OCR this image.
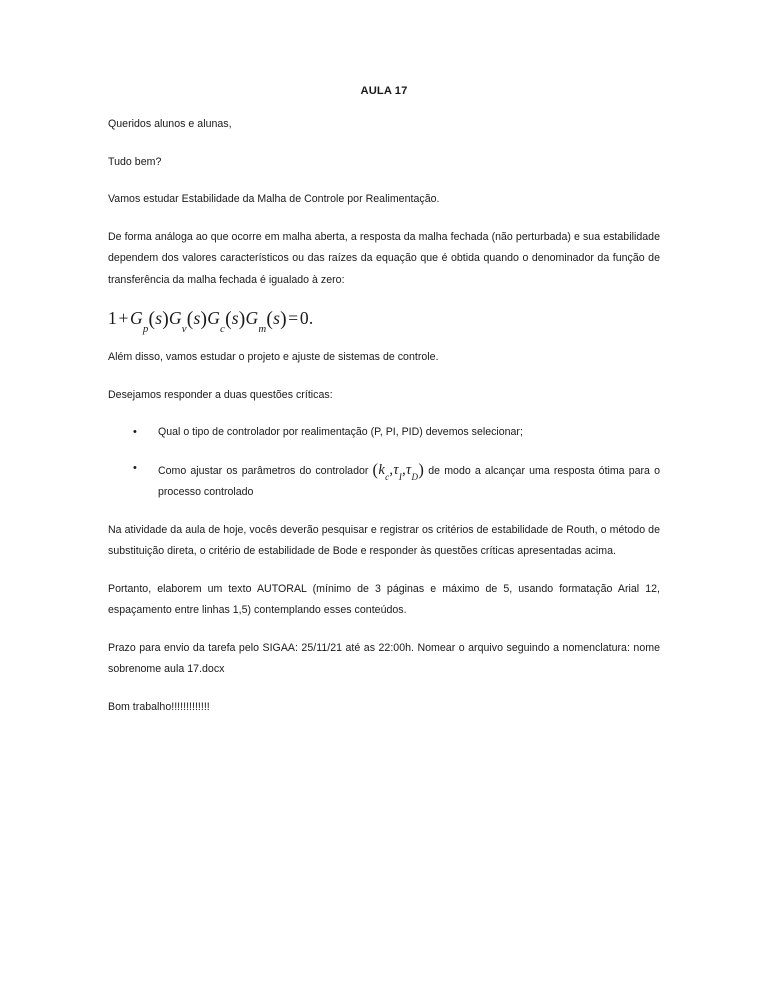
AULA 17

Queridos alunos e alunas,

Tudo bem?

Vamos estudar Estabilidade da Malha de Controle por Realimentação.

De forma análoga ao que ocorre em malha aberta, a resposta da malha fechada (não perturbada) e sua estabilidade dependem dos valores característicos ou das raízes da equação que é obtida quando o denominador da função de transferência da malha fechada é igualado à zero:

$1+G_p(s)G_v(s)G_c(s)G_m(s)=0$.

Além disso, vamos estudar o projeto e ajuste de sistemas de controle.

Desejamos responder a duas questões críticas:

• Qual o tipo de controlador por realimentação (P, PI, PID) devemos selecionar;
• Como ajustar os parâmetros do controlador $(k_c,\tau_I,\tau_D)$ de modo a alcançar uma resposta ótima para o processo controlado

Na atividade da aula de hoje, vocês deverão pesquisar e registrar os critérios de estabilidade de Routh, o método de substituição direta, o critério de estabilidade de Bode e responder às questões críticas apresentadas acima.

Portanto, elaborem um texto AUTORAL (mínimo de 3 páginas e máximo de 5, usando formatação Arial 12, espaçamento entre linhas 1,5) contemplando esses conteúdos.

Prazo para envio da tarefa pelo SIGAA: 25/11/21 até as 22:00h. Nomear o arquivo seguindo a nomenclatura: nome sobrenome aula 17.docx

Bom trabalho!!!!!!!!!!!!!
